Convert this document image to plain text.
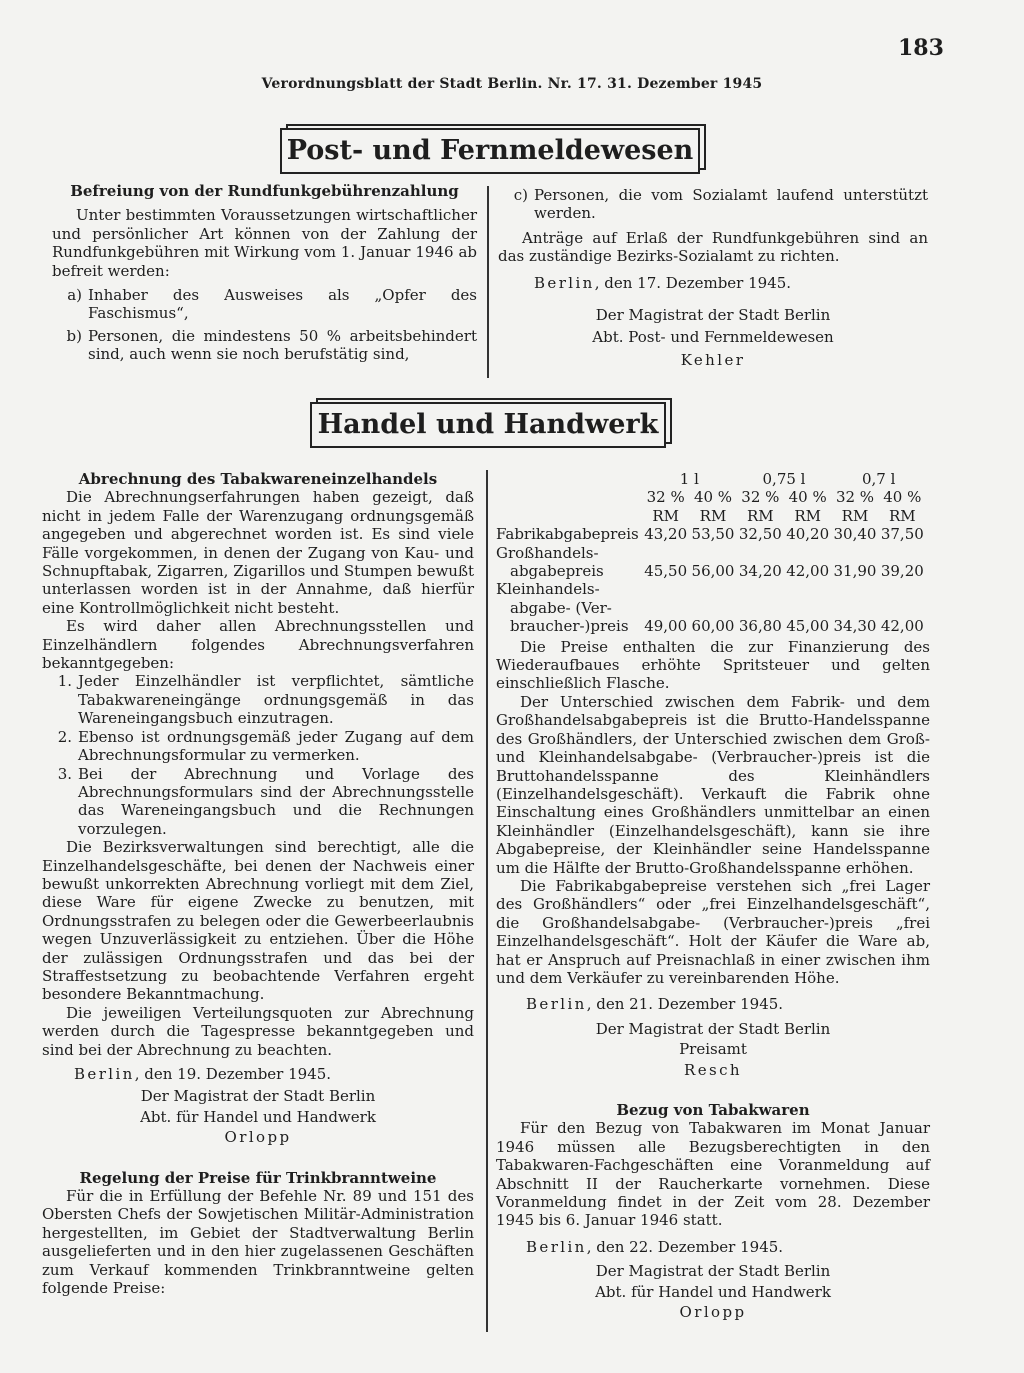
183
Verordnungsblatt der Stadt Berlin. Nr. 17. 31. Dezember 1945
Post- und Fernmeldewesen

Befreiung von der Rundfunkgebührenzahlung

Unter bestimmten Voraussetzungen wirtschaftlicher und persönlicher Art können von der Zahlung der Rundfunkgebühren mit Wirkung vom 1. Januar 1946 ab befreit werden:

a) Inhaber des Ausweises als „Opfer des Faschismus“,
b) Personen, die mindestens 50 % arbeitsbehindert sind, auch wenn sie noch berufstätig sind,
c) Personen, die vom Sozialamt laufend unterstützt werden.

Anträge auf Erlaß der Rundfunkgebühren sind an das zuständige Bezirks-Sozialamt zu richten.

Berlin, den 17. Dezember 1945.

Der Magistrat der Stadt Berlin

Abt. Post- und Fernmeldewesen

Kehler

Handel und Handwerk

Abrechnung des Tabakwareneinzelhandels

Die Abrechnungserfahrungen haben gezeigt, daß nicht in jedem Falle der Warenzugang ordnungsgemäß angegeben und abgerechnet worden ist. Es sind viele Fälle vorgekommen, in denen der Zugang von Kau- und Schnupftabak, Zigarren, Zigarillos und Stumpen bewußt unterlassen worden ist in der Annahme, daß hierfür eine Kontrollmöglichkeit nicht besteht.

Es wird daher allen Abrechnungsstellen und Einzelhändlern folgendes Abrechnungsverfahren bekanntgegeben:

1. Jeder Einzelhändler ist verpflichtet, sämtliche Tabakwareneingänge ordnungsgemäß in das Wareneingangsbuch einzutragen.
2. Ebenso ist ordnungsgemäß jeder Zugang auf dem Abrechnungsformular zu vermerken.
3. Bei der Abrechnung und Vorlage des Abrechnungsformulars sind der Abrechnungsstelle das Wareneingangsbuch und die Rechnungen vorzulegen.

Die Bezirksverwaltungen sind berechtigt, alle die Einzelhandelsgeschäfte, bei denen der Nachweis einer bewußt unkorrekten Abrechnung vorliegt mit dem Ziel, diese Ware für eigene Zwecke zu benutzen, mit Ordnungsstrafen zu belegen oder die Gewerbeerlaubnis wegen Unzuverlässigkeit zu entziehen. Über die Höhe der zulässigen Ordnungsstrafen und das bei der Straffestsetzung zu beobachtende Verfahren ergeht besondere Bekanntmachung.

Die jeweiligen Verteilungsquoten zur Abrechnung werden durch die Tagespresse bekanntgegeben und sind bei der Abrechnung zu beachten.

Berlin, den 19. Dezember 1945.

Der Magistrat der Stadt Berlin

Abt. für Handel und Handwerk

Orlopp

Regelung der Preise für Trinkbranntweine

Für die in Erfüllung der Befehle Nr. 89 und 151 des Obersten Chefs der Sowjetischen Militär-Administration hergestellten, im Gebiet der Stadtverwaltung Berlin ausgelieferten und in den hier zugelassenen Geschäften zum Verkauf kommenden Trinkbranntweine gelten folgende Preise:

	1 l		0,75 l		0,7 l	
	32 %	40 %	32 %	40 %	32 %	40 %
	RM	RM	RM	RM	RM	RM
Fabrikabgabepreis	43,20	53,50	32,50	40,20	30,40	37,50
Großhandels-
abgabepreis	45,50	56,00	34,20	42,00	31,90	39,20
Kleinhandels-
abgabe- (Ver-
braucher-)preis	49,00	60,00	36,80	45,00	34,30	42,00

Die Preise enthalten die zur Finanzierung des Wiederaufbaues erhöhte Spritsteuer und gelten einschließlich Flasche.

Der Unterschied zwischen dem Fabrik- und dem Großhandelsabgabepreis ist die Brutto-Handelsspanne des Großhändlers, der Unterschied zwischen dem Groß- und Kleinhandelsabgabe- (Verbraucher-)preis ist die Bruttohandelsspanne des Kleinhändlers (Einzelhandelsgeschäft). Verkauft die Fabrik ohne Einschaltung eines Großhändlers unmittelbar an einen Kleinhändler (Einzelhandelsgeschäft), kann sie ihre Abgabepreise, der Kleinhändler seine Handelsspanne um die Hälfte der Brutto-Großhandelsspanne erhöhen.

Die Fabrikabgabepreise verstehen sich „frei Lager des Großhändlers“ oder „frei Einzelhandelsgeschäft“, die Großhandelsabgabe- (Verbraucher-)preis „frei Einzelhandelsgeschäft“. Holt der Käufer die Ware ab, hat er Anspruch auf Preisnachlaß in einer zwischen ihm und dem Verkäufer zu vereinbarenden Höhe.

Berlin, den 21. Dezember 1945.

Der Magistrat der Stadt Berlin

Preisamt

Resch

Bezug von Tabakwaren

Für den Bezug von Tabakwaren im Monat Januar 1946 müssen alle Bezugsberechtigten in den Tabakwaren-Fachgeschäften eine Voranmeldung auf Abschnitt II der Raucherkarte vornehmen. Diese Voranmeldung findet in der Zeit vom 28. Dezember 1945 bis 6. Januar 1946 statt.

Berlin, den 22. Dezember 1945.

Der Magistrat der Stadt Berlin

Abt. für Handel und Handwerk

Orlopp
